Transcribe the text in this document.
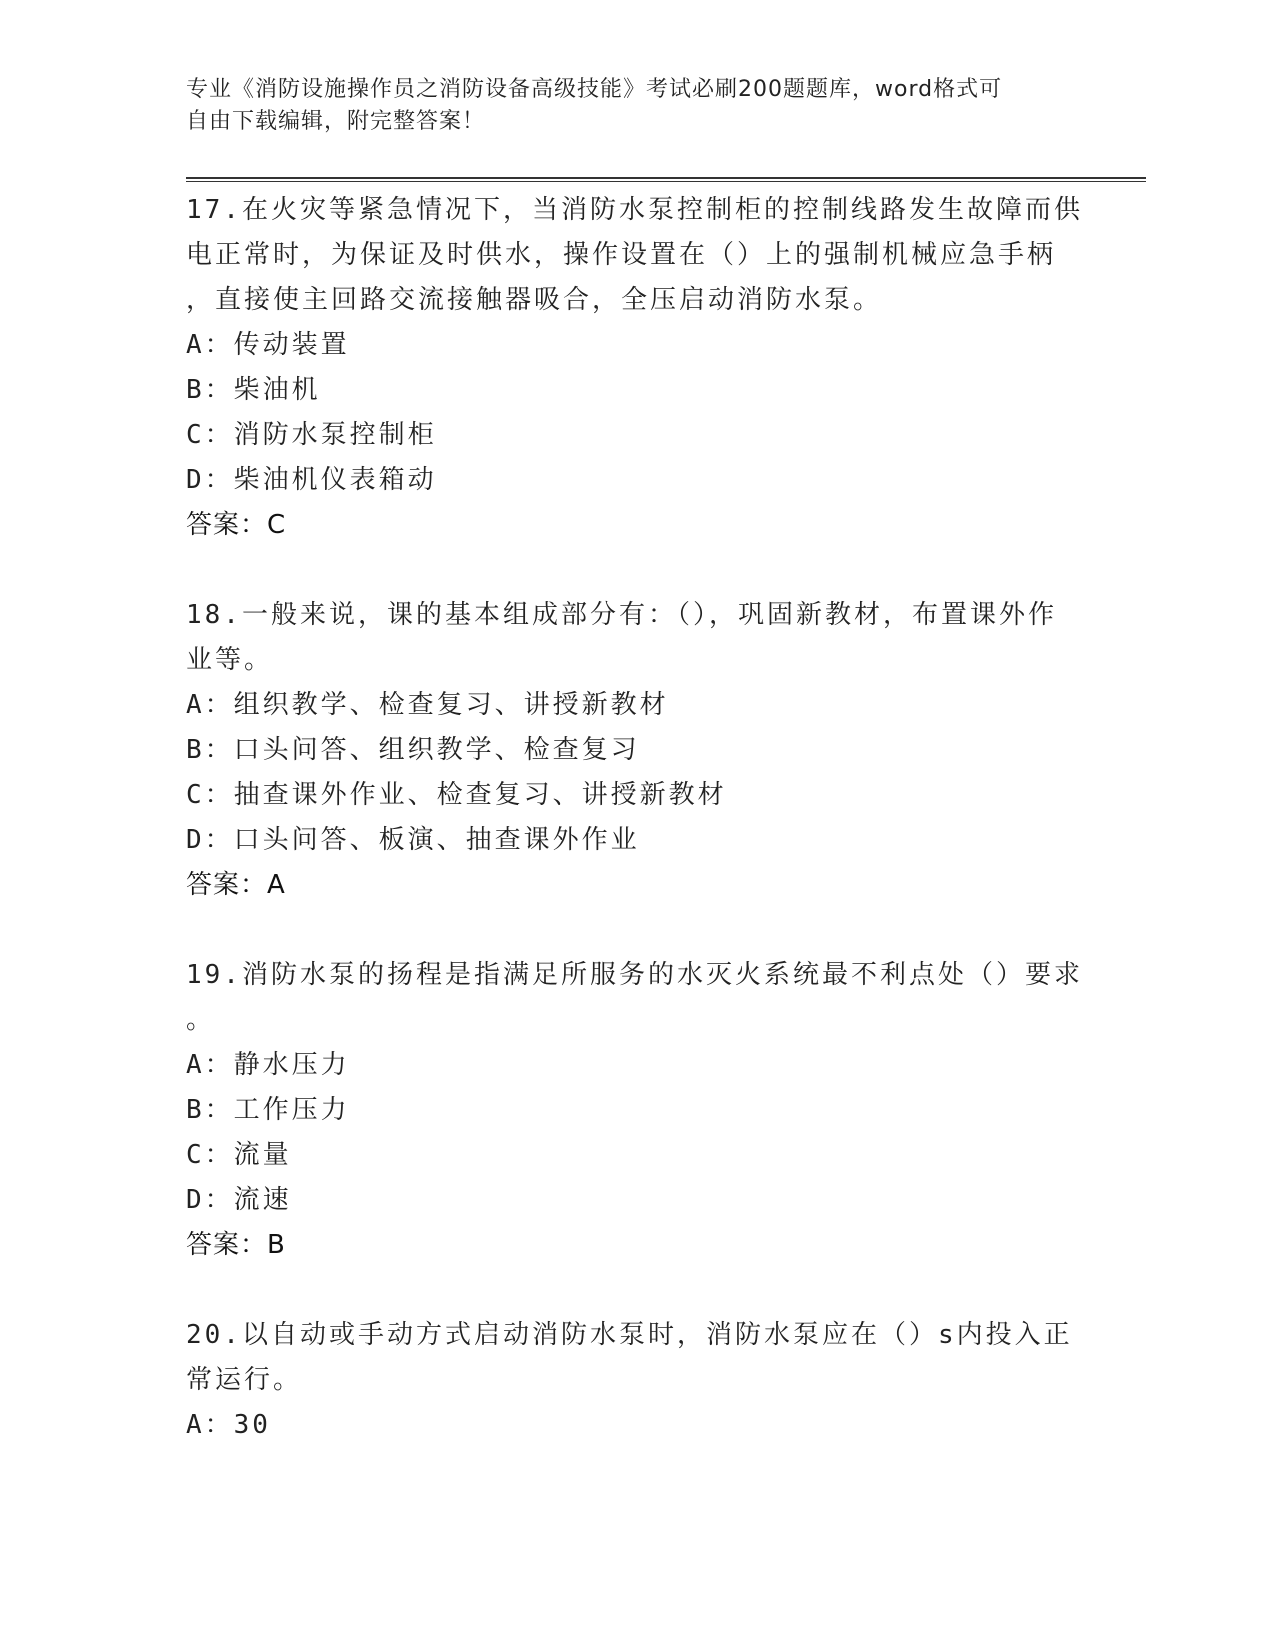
专业《消防设施操作员之消防设备高级技能》考试必刷200题题库，word格式可
自由下载编辑，附完整答案！
17.在火灾等紧急情况下，当消防水泵控制柜的控制线路发生故障而供
电正常时，为保证及时供水，操作设置在（）上的强制机械应急手柄
，直接使主回路交流接触器吸合，全压启动消防水泵。
A：传动装置
B：柴油机
C：消防水泵控制柜
D：柴油机仪表箱动
答案：C
18.一般来说，课的基本组成部分有：（），巩固新教材，布置课外作
业等。
A：组织教学、检查复习、讲授新教材
B：口头问答、组织教学、检查复习
C：抽查课外作业、检查复习、讲授新教材
D：口头问答、板演、抽查课外作业
答案：A
19.消防水泵的扬程是指满足所服务的水灭火系统最不利点处（）要求
。
A：静水压力
B：工作压力
C：流量
D：流速
答案：B
20.以自动或手动方式启动消防水泵时，消防水泵应在（）s内投入正
常运行。
A：30
